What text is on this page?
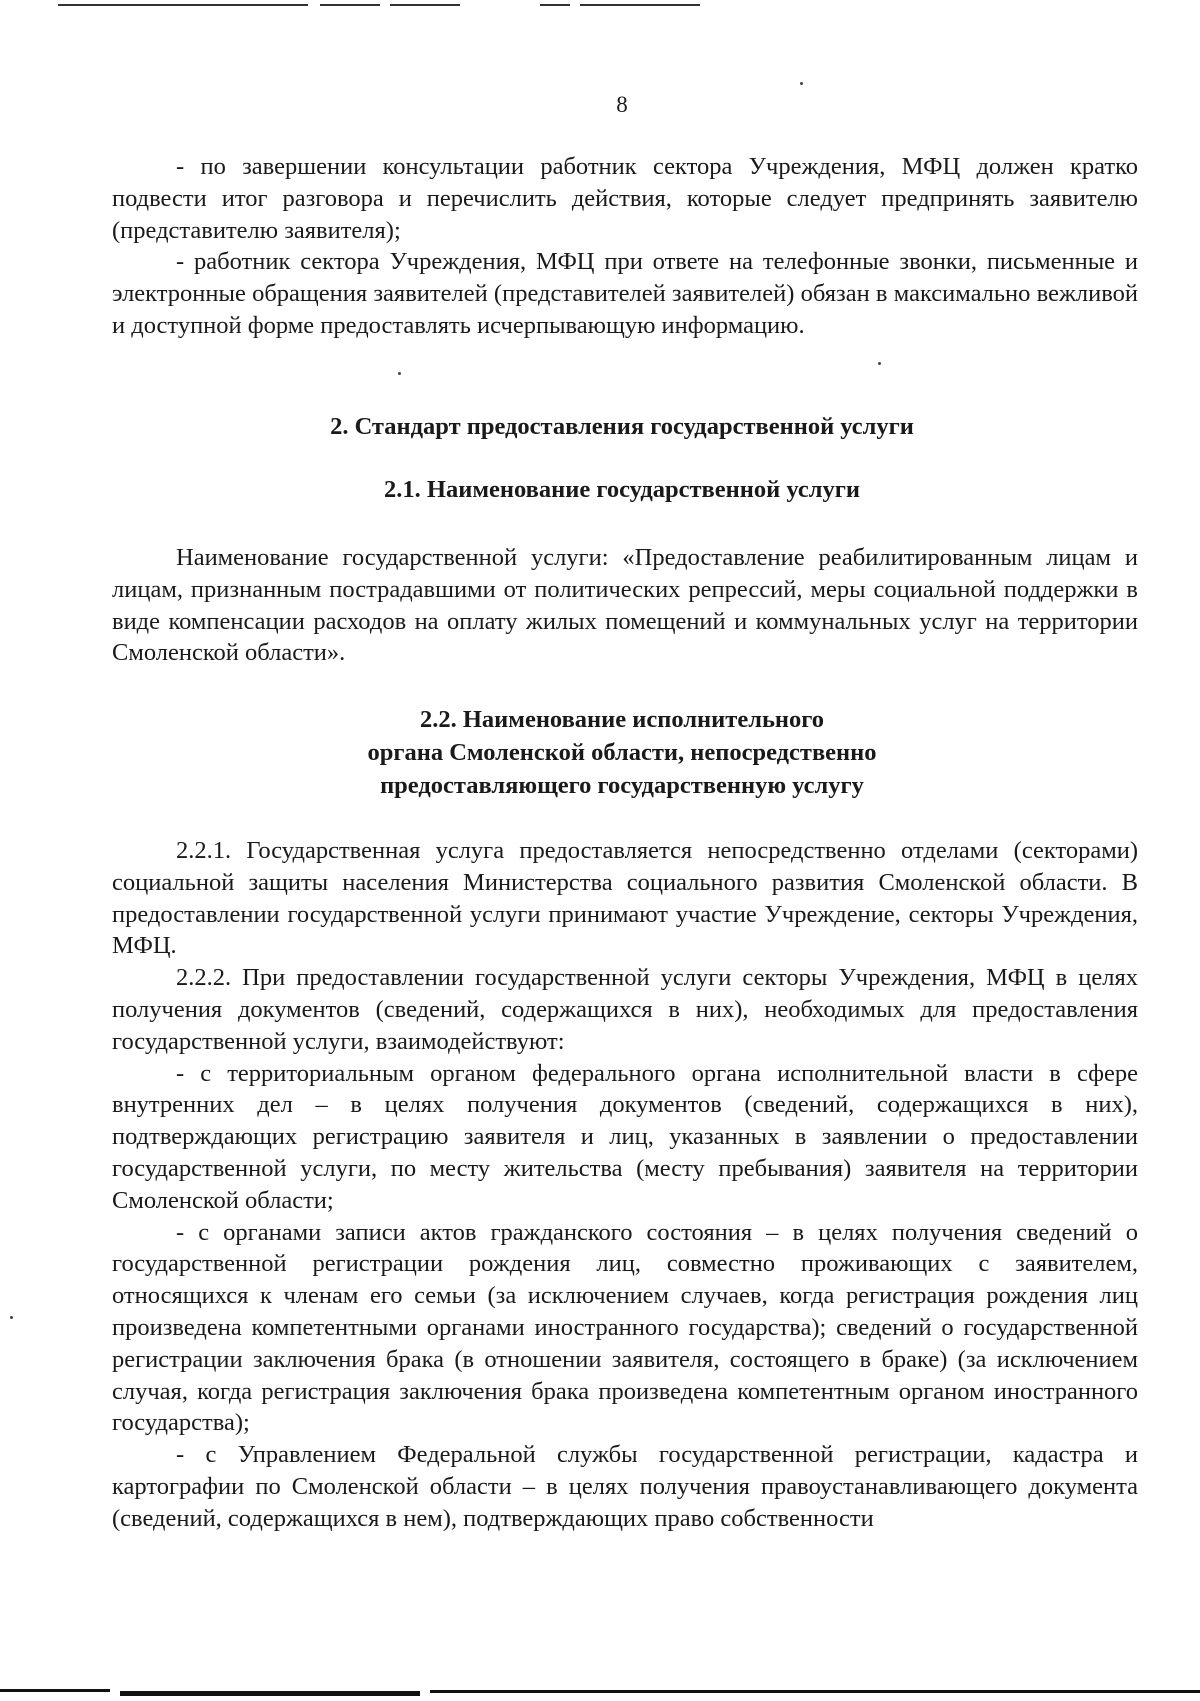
8

- по завершении консультации работник сектора Учреждения, МФЦ должен кратко подвести итог разговора и перечислить действия, которые следует предпринять заявителю (представителю заявителя);

- работник сектора Учреждения, МФЦ при ответе на телефонные звонки, письменные и электронные обращения заявителей (представителей заявителей) обязан в максимально вежливой и доступной форме предоставлять исчерпывающую информацию.

2. Стандарт предоставления государственной услуги
2.1. Наименование государственной услуги

Наименование государственной услуги: «Предоставление реабилитированным лицам и лицам, признанным пострадавшими от политических репрессий, меры социальной поддержки в виде компенсации расходов на оплату жилых помещений и коммунальных услуг на территории Смоленской области».

2.2. Наименование исполнительного
органа Смоленской области, непосредственно
предоставляющего государственную услугу

2.2.1. Государственная услуга предоставляется непосредственно отделами (секторами) социальной защиты населения Министерства социального развития Смоленской области. В предоставлении государственной услуги принимают участие Учреждение, секторы Учреждения, МФЦ.

2.2.2. При предоставлении государственной услуги секторы Учреждения, МФЦ в целях получения документов (сведений, содержащихся в них), необходимых для предоставления государственной услуги, взаимодействуют:

- с территориальным органом федерального органа исполнительной власти в сфере внутренних дел – в целях получения документов (сведений, содержащихся в них), подтверждающих регистрацию заявителя и лиц, указанных в заявлении о предоставлении государственной услуги, по месту жительства (месту пребывания) заявителя на территории Смоленской области;

- с органами записи актов гражданского состояния – в целях получения сведений о государственной регистрации рождения лиц, совместно проживающих с заявителем, относящихся к членам его семьи (за исключением случаев, когда регистрация рождения лиц произведена компетентными органами иностранного государства); сведений о государственной регистрации заключения брака (в отношении заявителя, состоящего в браке) (за исключением случая, когда регистрация заключения брака произведена компетентным органом иностранного государства);

- с Управлением Федеральной службы государственной регистрации, кадастра и картографии по Смоленской области – в целях получения правоустанавливающего документа (сведений, содержащихся в нем), подтверждающих право собственности
